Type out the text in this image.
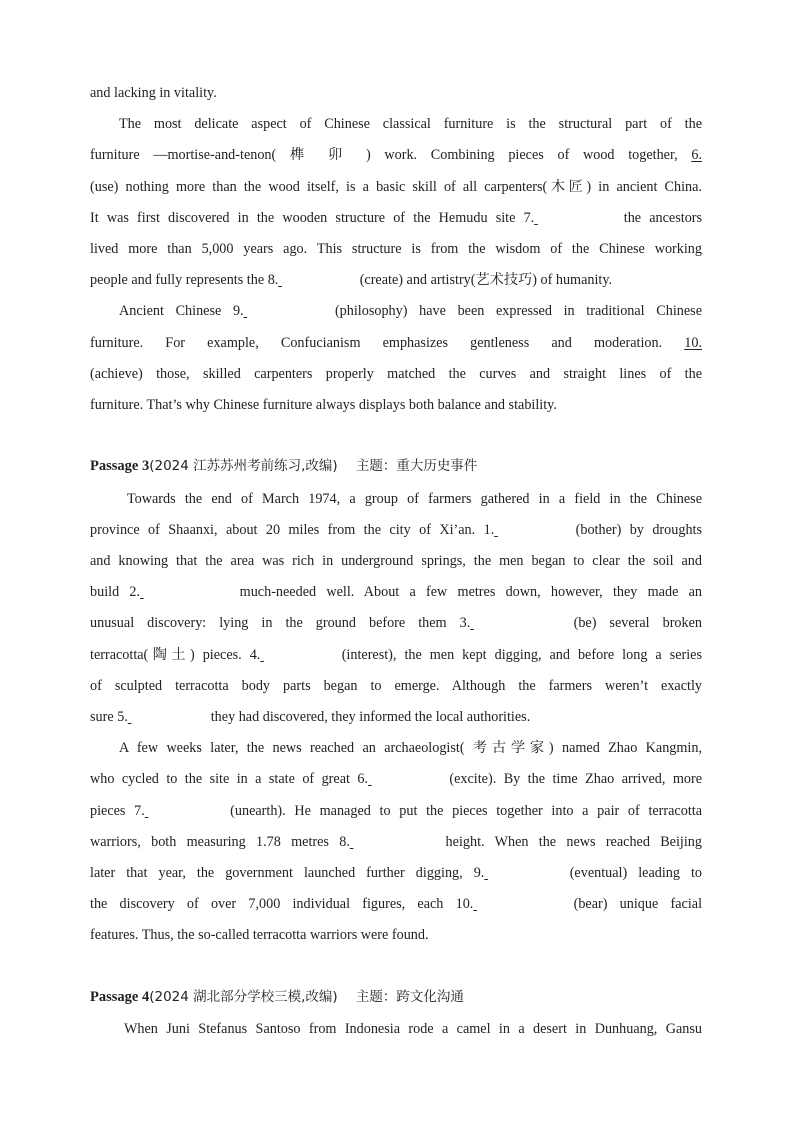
and lacking in vitality.
The most delicate aspect of Chinese classical furniture is the structural part of the
furniture —mortise-and-tenon( 榫 卯 ) work. Combining pieces of wood together, 6.
(use) nothing more than the wood itself, is a basic skill of all carpenters(木匠) in ancient China.
It was first discovered in the wooden structure of the Hemudu site 7.	the ancestors
lived more than 5,000 years ago. This structure is from the wisdom of the Chinese working
people and fully represents the 8.	(create) and artistry(艺术技巧) of humanity.
Ancient Chinese 9.	(philosophy) have been expressed in traditional Chinese
furniture. For example, Confucianism emphasizes gentleness and moderation. 10.
(achieve) those, skilled carpenters properly matched the curves and straight lines of the
furniture. That’s why Chinese furniture always displays both balance and stability.
Passage 3(2024 江苏苏州考前练习,改编) 主题：重大历史事件
Towards the end of March 1974, a group of farmers gathered in a field in the Chinese
province of Shaanxi, about 20 miles from the city of Xi’an. 1.	(bother) by droughts
and knowing that the area was rich in underground springs, the men began to clear the soil and
build 2.	much-needed well. About a few metres down, however, they made an
unusual discovery: lying in the ground before them 3.	(be) several broken
terracotta(陶土) pieces. 4.	(interest), the men kept digging, and before long a series
of sculpted terracotta body parts began to emerge. Although the farmers weren’t exactly
sure 5.	they had discovered, they informed the local authorities.
A few weeks later, the news reached an archaeologist( 考古学家) named Zhao Kangmin,
who cycled to the site in a state of great 6.	(excite). By the time Zhao arrived, more
pieces 7.	(unearth). He managed to put the pieces together into a pair of terracotta
warriors, both measuring 1.78 metres 8.	height. When the news reached Beijing
later that year, the government launched further digging, 9.	(eventual) leading to
the discovery of over 7,000 individual figures, each 10.	(bear) unique facial
features. Thus, the so-called terracotta warriors were found.
Passage 4(2024 湖北部分学校三模,改编) 主题：跨文化沟通
When Juni Stefanus Santoso from Indonesia rode a camel in a desert in Dunhuang, Gansu
